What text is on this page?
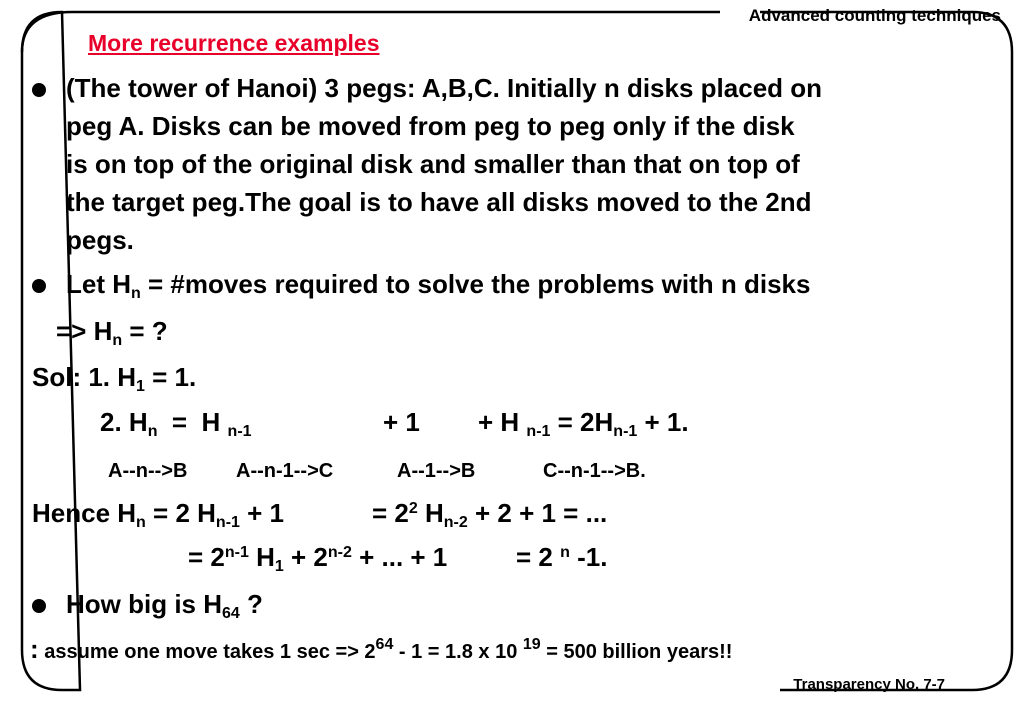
Advanced counting techniques
More recurrence examples
(The tower of Hanoi) 3 pegs: A,B,C. Initially n disks placed on
peg A. Disks can be moved from peg to peg only if the disk
is on top of the original disk and smaller than that on top of
the target peg.The goal is to have all disks moved to the 2nd
pegs.
Let $H_n$ = #moves required to solve the problems with n disks
=> $H_n$ = ?
Sol: 1. $H_1 = 1$.
2. $H_n = H$ $_{n-1}$	+ 1 + H $_{n-1} = 2H_{n-1} + 1$.
A--n-->B A--n-1-->C	A--1-->B	C--n-1-->B.
Hence $H_n = 2$ $H_{n-1} + 1$	= $2^2$ $H_{n-2} + 2 + 1$ = ...
= $2^{n-1}$ $H_1 + 2^{n-2}$ + ... + 1	= 2 $^n$ -1.
How big is $H_{64}$ ?
: assume one move takes 1 $\sec => 2^{64} - 1 = 1.8$ x 10 $^{19}$ = 500 billion years!!
Transparency No. 7-7
